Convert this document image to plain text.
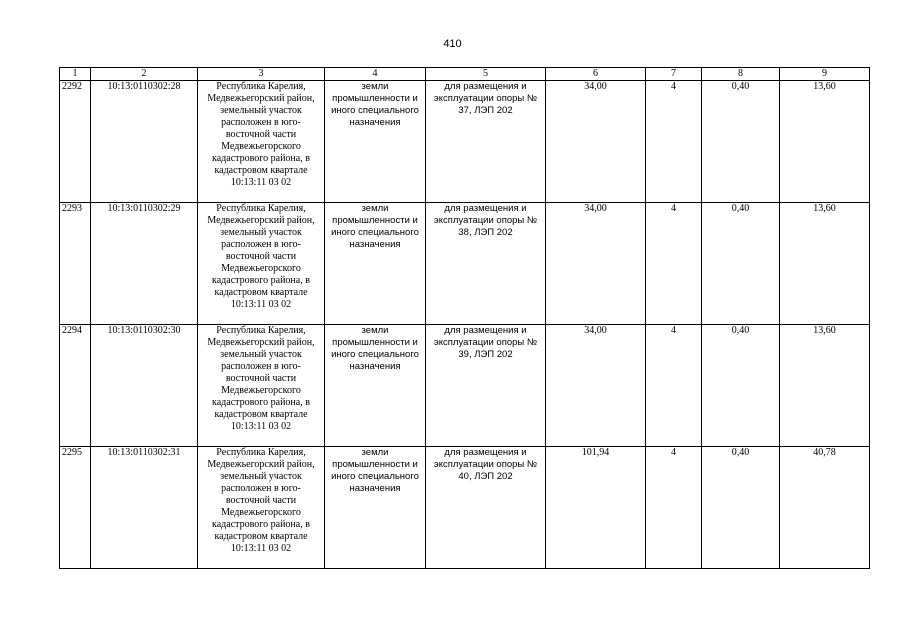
410
1	2	3	4	5	6	7	8	9
2292	10:13:0110302:28	Республика Карелия, Медвежьегорский район, земельный участок расположен в юго-восточной части Медвежьегорского кадастрового района, в кадастровом квартале 10:13:11 03 02	земли промышленности и иного специального назначения	для размещения и эксплуатации опоры № 37, ЛЭП 202	34,00	4	0,40	13,60
2293	10:13:0110302:29	Республика Карелия, Медвежьегорский район, земельный участок расположен в юго-восточной части Медвежьегорского кадастрового района, в кадастровом квартале 10:13:11 03 02	земли промышленности и иного специального назначения	для размещения и эксплуатации опоры № 38, ЛЭП 202	34,00	4	0,40	13,60
2294	10:13:0110302:30	Республика Карелия, Медвежьегорский район, земельный участок расположен в юго-восточной части Медвежьегорского кадастрового района, в кадастровом квартале 10:13:11 03 02	земли промышленности и иного специального назначения	для размещения и эксплуатации опоры № 39, ЛЭП 202	34,00	4	0,40	13,60
2295	10:13:0110302:31	Республика Карелия, Медвежьегорский район, земельный участок расположен в юго-восточной части Медвежьегорского кадастрового района, в кадастровом квартале 10:13:11 03 02	земли промышленности и иного специального назначения	для размещения и эксплуатации опоры № 40, ЛЭП 202	101,94	4	0,40	40,78
